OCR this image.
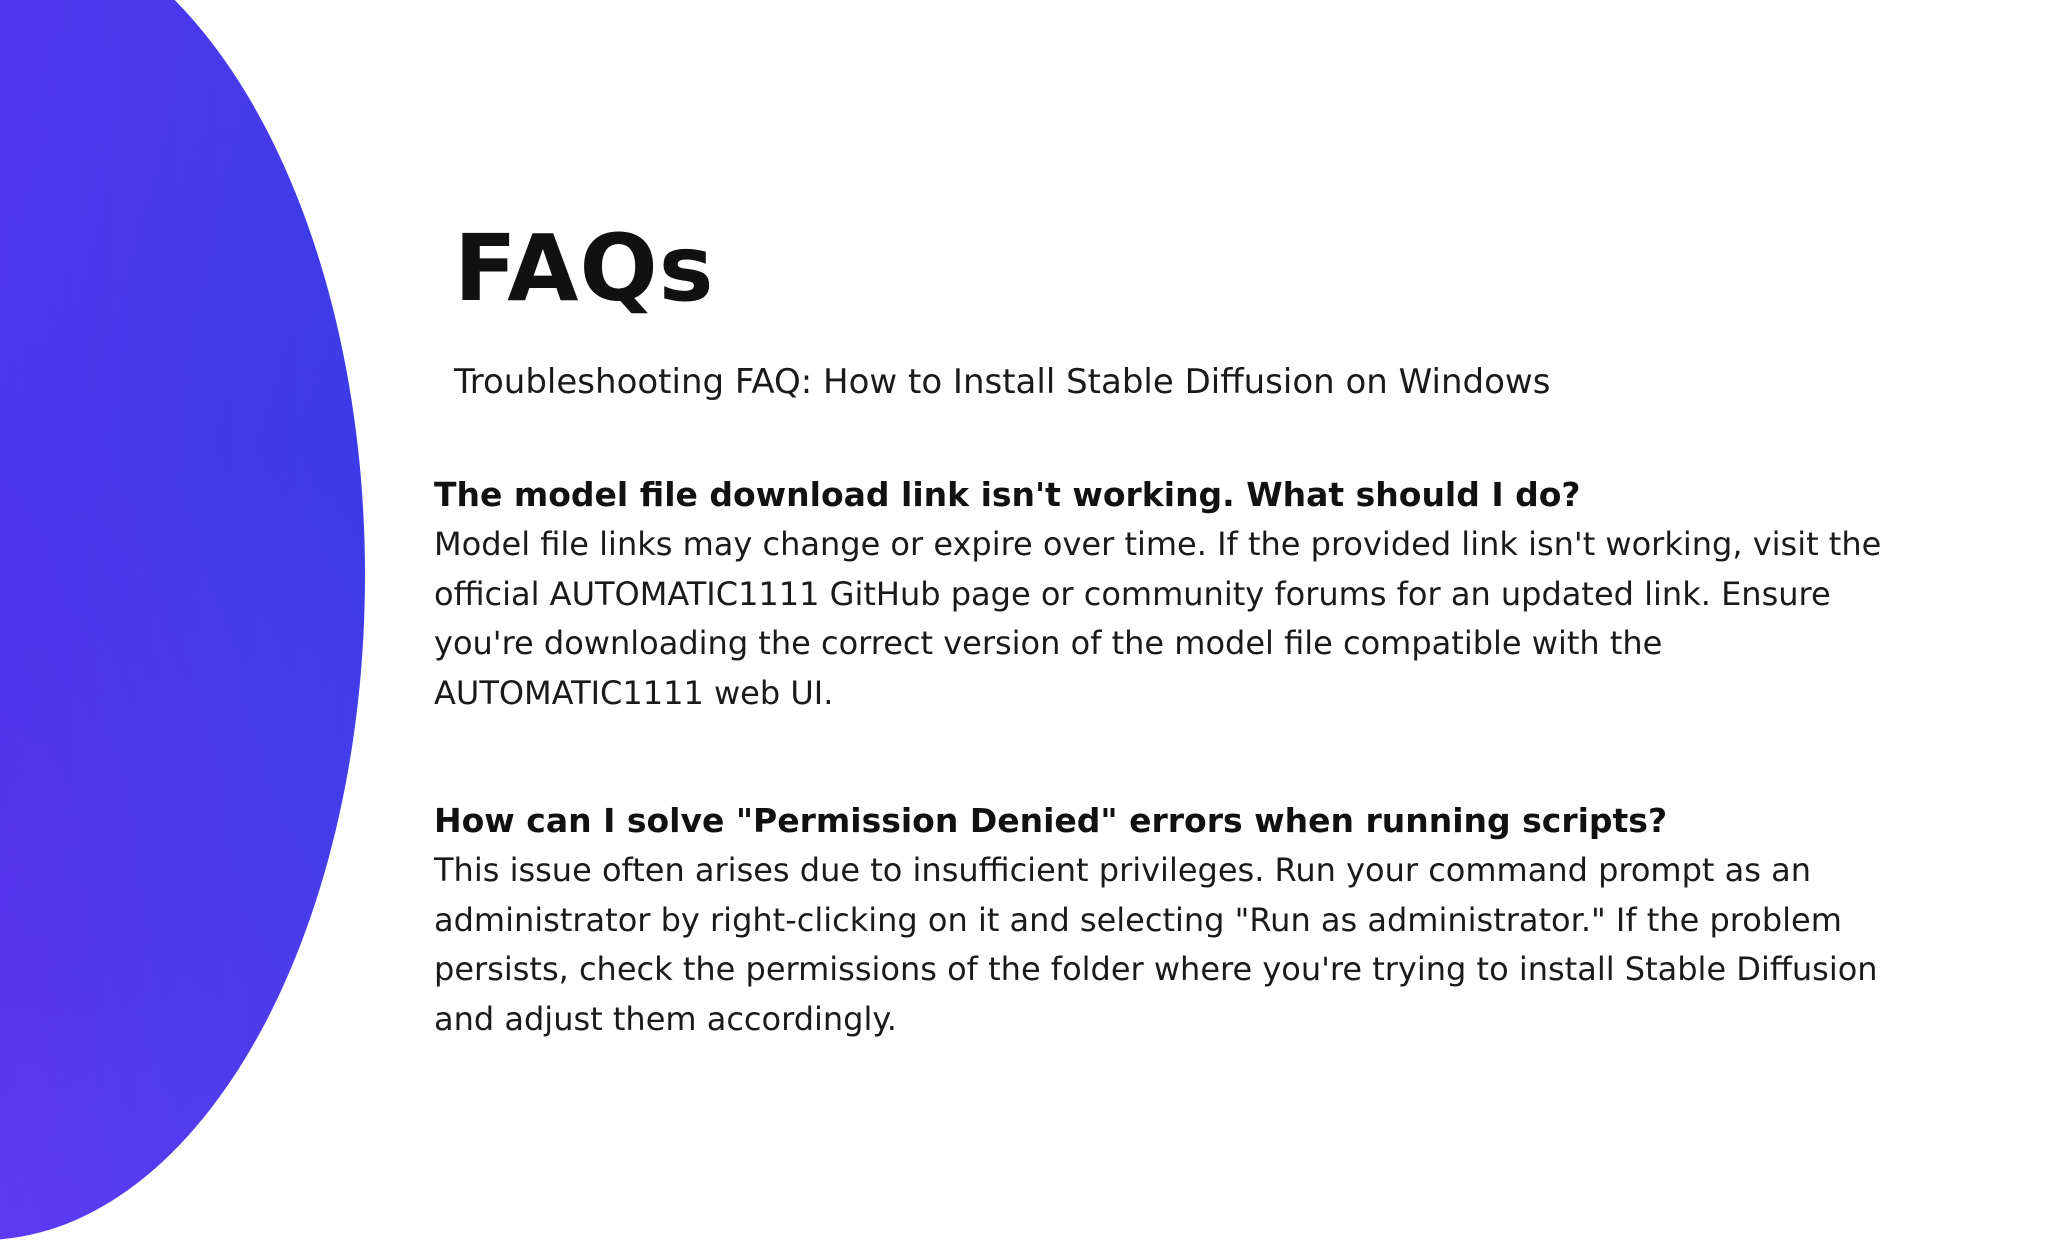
FAQs
Troubleshooting FAQ: How to Install Stable Diffusion on Windows

The model file download link isn't working. What should I do?

Model file links may change or expire over time. If the provided link isn't working, visit the official AUTOMATIC1111 GitHub page or community forums for an updated link. Ensure you're downloading the correct version of the model file compatible with the AUTOMATIC1111 web UI.

How can I solve "Permission Denied" errors when running scripts?

This issue often arises due to insufficient privileges. Run your command prompt as an administrator by right-clicking on it and selecting "Run as administrator." If the problem persists, check the permissions of the folder where you're trying to install Stable Diffusion and adjust them accordingly.
